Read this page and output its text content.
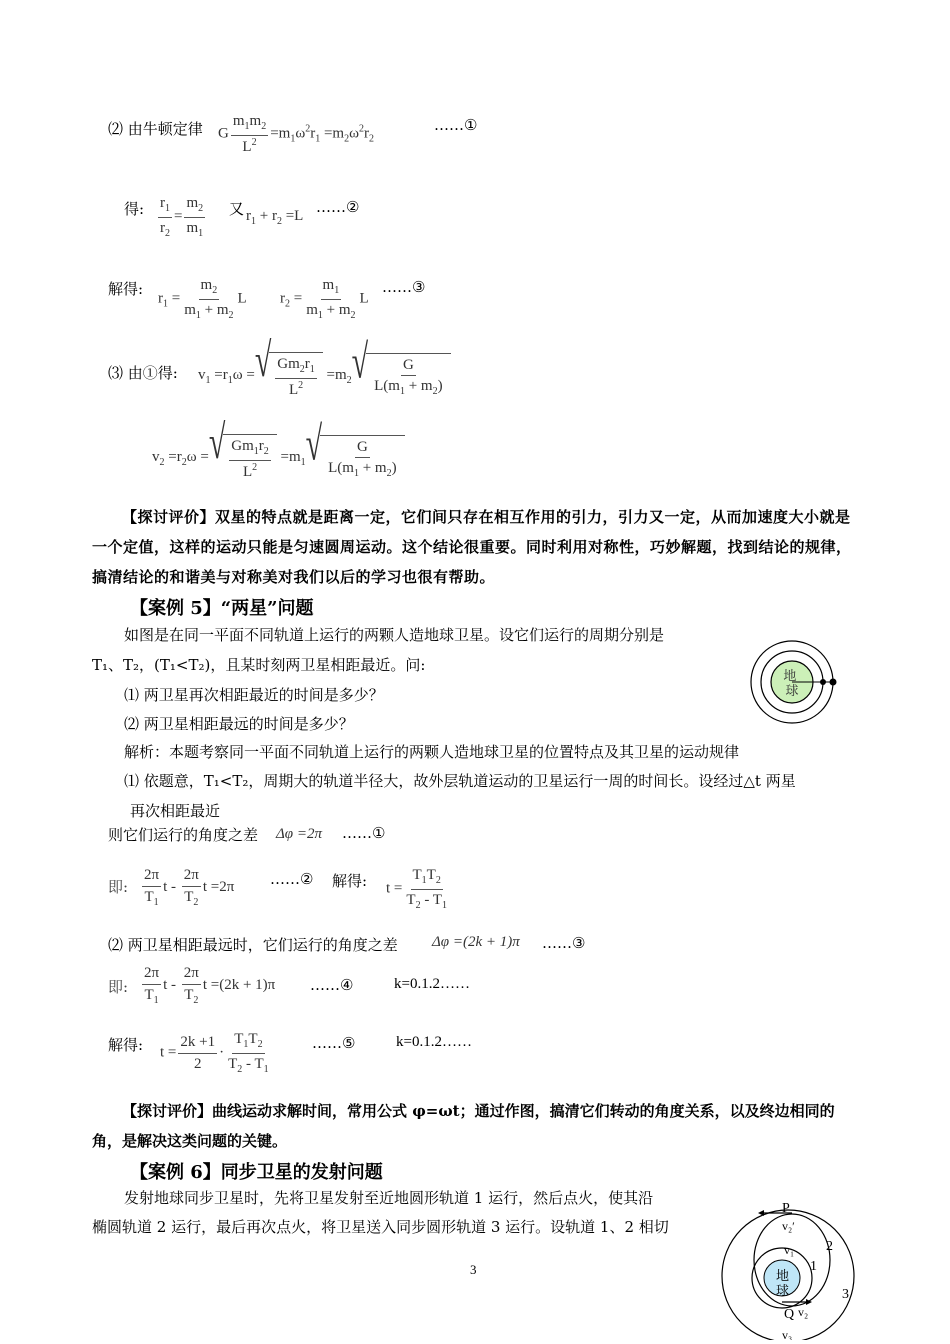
⑵ 由牛顿定律 G $\frac{m_1m_2}{L^2} =m_1\omega^2r_1 =m_2\omega^2r_2$
……①
得: $\frac{r_1}{r_2} = \frac{m_2}{m_1}$ 又 $r_1 + r_2 =L$ ……②
解得:
$r_1 = \frac{m_2}{m_1 + m_2}$ L $r_2 = \frac{m_1}{m_1 + m_2}$ L
……③
⑶ 由①得: $v_1 =r_1\omega$ = √ $\frac{Gm_2r_1}{L^2} =m_2$ √ $\frac{G}{L(m_1 + m_2)}$
$v_2 =r_2\omega$ = √ $\frac{Gm_1r_2}{L^2} =m_1$ √ $\frac{G}{L(m_1 + m_2)}$
【探讨评价】双星的特点就是距离一定，它们间只存在相互作用的引力，引力又一定，从而加速度大小就是一个定值，这样的运动只能是匀速圆周运动。这个结论很重要。同时利用对称性，巧妙解题，找到结论的规律，搞清结论的和谐美与对称美对我们以后的学习也很有帮助。
【案例 5】“两星”问题
如图是在同一平面不同轨道上运行的两颗人造地球卫星。设它们运行的周期分别是
T₁、T₂，(T₁<T₂)，且某时刻两卫星相距最近。问:
⑴ 两卫星再次相距最近的时间是多少？
⑵ 两卫星相距最远的时间是多少？
解析：本题考察同一平面不同轨道上运行的两颗人造地球卫星的位置特点及其卫星的运动规律
⑴ 依题意，T₁<T₂，周期大的轨道半径大，故外层轨道运动的卫星运行一周的时间长。设经过△t 两星
再次相距最近
地 球
则它们运行的角度之差 Δφ =2π ……①
即: $\frac{2\pi}{T_1}$ t - $\frac{2\pi}{T_2}$ t =2π ……② 解得: $t = \frac{T_1T_2}{T_2 - T_1}$
⑵ 两卫星相距最远时，它们运行的角度之差 Δφ =(2k + 1)π ……③
即: $\frac{2\pi}{T_1}$ t - $\frac{2\pi}{T_2}$ t =(2k + 1)π ……④	k=0.1.2……
解得: $t = \frac{2k +1}{2} \cdot \frac{T_1T_2}{T_2 - T_1}$	……⑤	k=0.1.2……
【探讨评价】曲线运动求解时间，常用公式 φ=ωt；通过作图，搞清它们转动的角度关系，以及终边相同的角，是解决这类问题的关键。
【案例 6】同步卫星的发射问题
发射地球同步卫星时，先将卫星发射至近地圆形轨道 1 运行，然后点火，使其沿
椭圆轨道 2 运行，最后再次点火，将卫星送入同步圆形轨道 3 运行。设轨道 1、2 相切
P
v₂′
v₁ 2
1
地
球
Q v₂
3
v₃
3
